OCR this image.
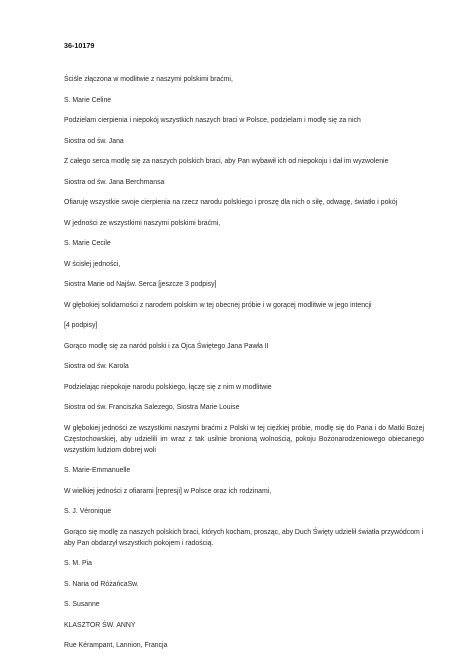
36-10179

Ściśle złączona w modlitwie z naszymi polskimi braćmi,

S. Marie Celine

Podzielam cierpienia i niepokój wszystkich naszych braci w Polsce, podzielam i modlę się za nich

Siostra od św. Jana

Z całego serca modlę się za naszych polskich braci, aby Pan wybawił ich od niepokoju i dał im wyzwolenie

Siostra od św. Jana Berchmansa

Ofiaruję wszystkie swoje cierpienia na rzecz narodu polskiego i proszę dla nich o siłę, odwagę, światło i pokój

W jedności ze wszystkimi naszymi polskimi braćmi,

S. Marie Cecile

W ścisłej jedności,

Siostra Marie od Najśw. Serca [jeszcze 3 podpisy]

W głębokiej solidarności z narodem polskim w tej obecnej próbie i w gorącej modlitwie w jego intencji

[4 podpisy]

Gorąco modlę się za naród polski i za Ojca Świętego Jana Pawła II

Siostra od św. Karola

Podzielając niepokoje narodu polskiego, łączę się z nim w modlitwie

Siostra od św. Franciszka Salezego, Siostra Marie Louise

W głębokiej jedności ze wszystkimi naszymi braćmi z Polski w tej ciężkiej próbie, modlę się do Pana i do Matki Bożej Częstochowskiej, aby udzielili im wraz z tak usilnie bronioną wolnością, pokoju Bożonarodzeniowego obiecanego wszystkim ludziom dobrej woli

S. Marie-Emmanuelle

W wielkiej jedności z ofiarami [represji] w Polsce oraz ich rodzinami,

S. J. Véronique

Gorąco się modlę za naszych polskich braci, których kocham, prosząc, aby Duch Święty udzielił światła przywódcom i aby Pan obdarzył wszystkich pokojem i radością.

S. M. Pia

S. Naria od RóżańcaSw.

S. Susanne

KLASZTOR ŚW. ANNY

Rue Kérampant, Lannion, Francja
